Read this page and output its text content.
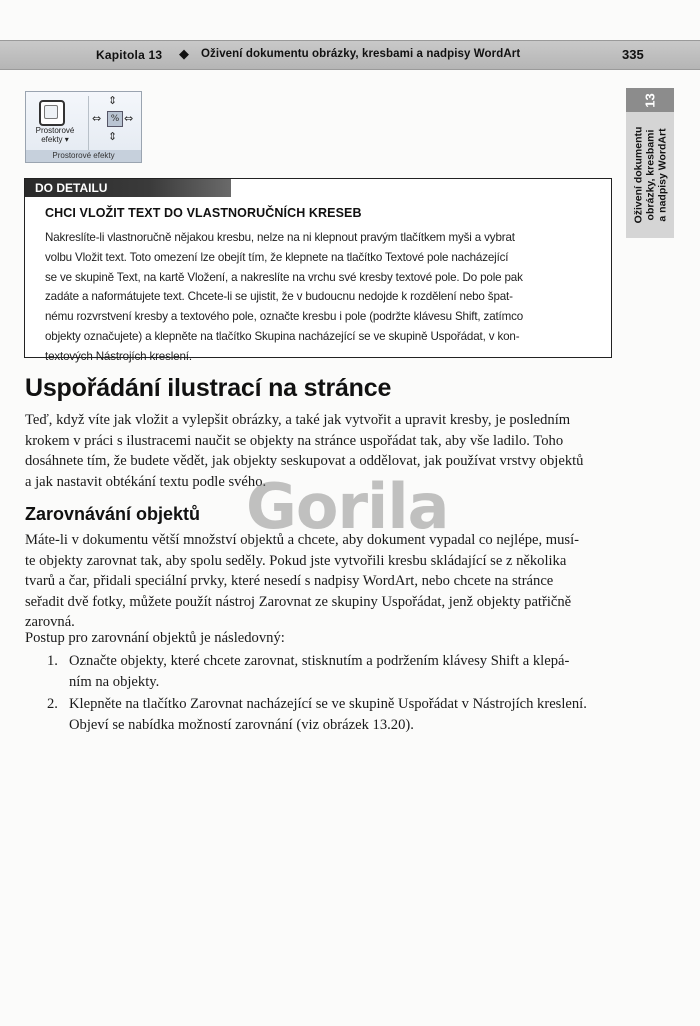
Kapitola 13 ◆ Oživení dokumentu obrázky, kresbami a nadpisy WordArt	335
13
Oživení dokumentu obrázky, kresbami a nadpisy WordArt
Prostorové
efekty ▾
⇕
⇔	% ⇔
⇕
Prostorové efekty
DO DETAILU
CHCI VLOŽIT TEXT DO VLASTNORUČNÍCH KRESEB
Nakreslíte-li vlastnoručně nějakou kresbu, nelze na ni klepnout pravým tlačítkem myši a vybrat
volbu Vložit text. Toto omezení lze obejít tím, že klepnete na tlačítko Textové pole nacházející
se ve skupině Text, na kartě Vložení, a nakreslíte na vrchu své kresby textové pole. Do pole pak
zadáte a naformátujete text. Chcete-li se ujistit, že v budoucnu nedojde k rozdělení nebo špat-
nému rozvrstvení kresby a textového pole, označte kresbu i pole (podržte klávesu Shift, zatímco
objekty označujete) a klepněte na tlačítko Skupina nacházející se ve skupině Uspořádat, v kon-
textových Nástrojích kreslení.
Uspořádání ilustrací na stránce
Teď, když víte jak vložit a vylepšit obrázky, a také jak vytvořit a upravit kresby, je posledním
krokem v práci s ilustracemi naučit se objekty na stránce uspořádat tak, aby vše ladilo. Toho
dosáhnete tím, že budete vědět, jak objekty seskupovat a oddělovat, jak používat vrstvy objektů
a jak nastavit obtékání textu podle svého.
Gorila
Zarovnávání objektů
Máte-li v dokumentu větší množství objektů a chcete, aby dokument vypadal co nejlépe, musí-
te objekty zarovnat tak, aby spolu seděly. Pokud jste vytvořili kresbu skládající se z několika
tvarů a čar, přidali speciální prvky, které nesedí s nadpisy WordArt, nebo chcete na stránce
seřadit dvě fotky, můžete použít nástroj Zarovnat ze skupiny Uspořádat, jenž objekty patřičně
zarovná.
Postup pro zarovnání objektů je následovný:
1. Označte objekty, které chcete zarovnat, stisknutím a podržením klávesy Shift a klepá-
ním na objekty.
2. Klepněte na tlačítko Zarovnat nacházející se ve skupině Uspořádat v Nástrojích kreslení.
Objeví se nabídka možností zarovnání (viz obrázek 13.20).
